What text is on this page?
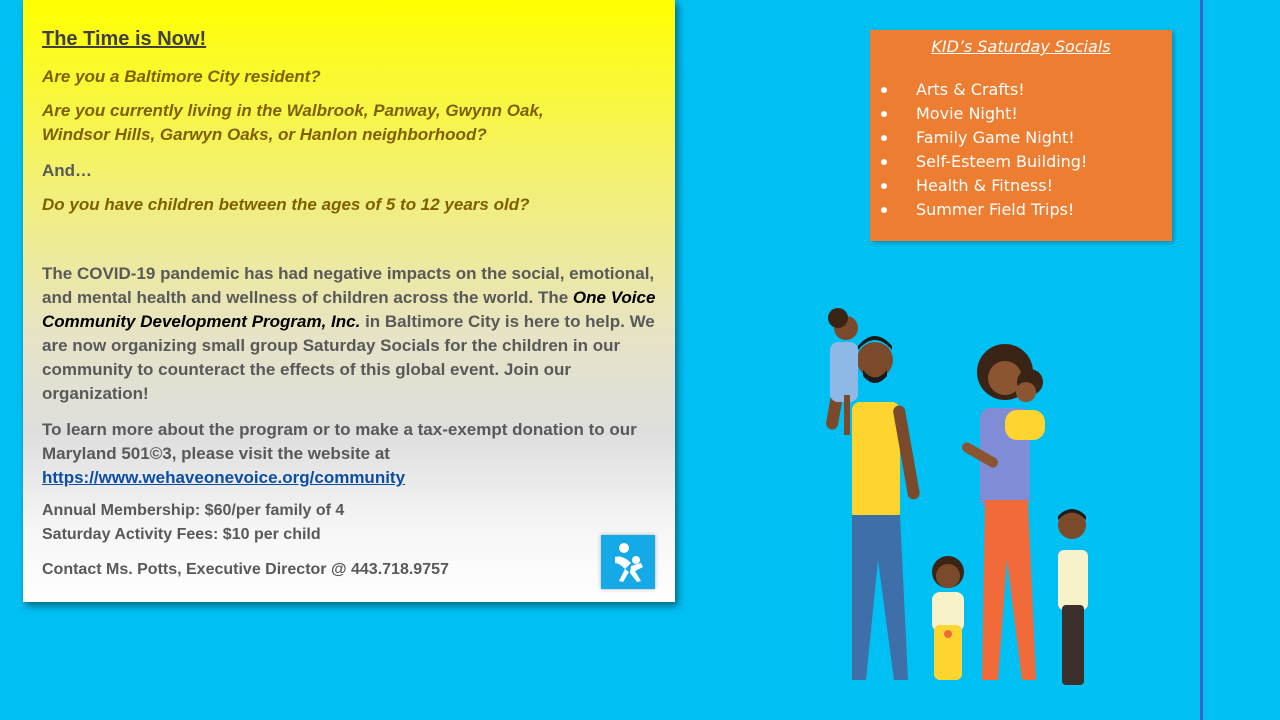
The Time is Now!
Are you a Baltimore City resident?
Are you currently living in the Walbrook, Panway, Gwynn Oak,
Windsor Hills, Garwyn Oaks, or Hanlon neighborhood?
And…
Do you have children between the ages of 5 to 12 years old?
The COVID-19 pandemic has had negative impacts on the social, emotional, and mental health and wellness of children across the world. The One Voice Community Development Program, Inc. in Baltimore City is here to help. We are now organizing small group Saturday Socials for the children in our community to counteract the effects of this global event. Join our organization!
To learn more about the program or to make a tax-exempt donation to our Maryland 501©3, please visit the website at
https://www.wehaveonevoice.org/community
Annual Membership: $60/per family of 4
Saturday Activity Fees: $10 per child
Contact Ms. Potts, Executive Director @ 443.718.9757
KID’s Saturday Socials
Arts & Crafts!
Movie Night!
Family Game Night!
Self-Esteem Building!
Health & Fitness!
Summer Field Trips!
